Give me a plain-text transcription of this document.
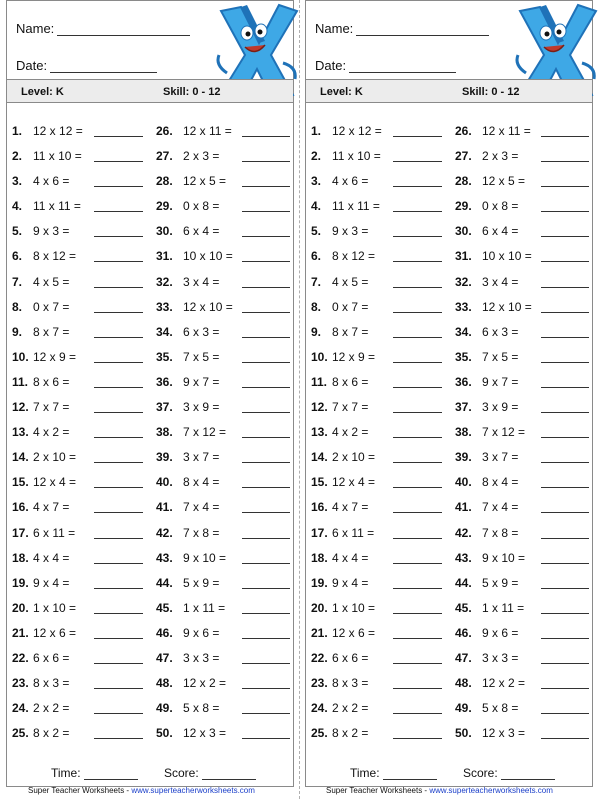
Name:
Date:
Level: K	Skill: 0 - 12
1. 12 x 12 =
2. 11 x 10 =
3. 4 x 6 =
4. 11 x 11 =
5. 9 x 3 =
6. 8 x 12 =
7. 4 x 5 =
8. 0 x 7 =
9. 8 x 7 =
10. 12 x 9 =
11. 8 x 6 =
12. 7 x 7 =
13. 4 x 2 =
14. 2 x 10 =
15. 12 x 4 =
16. 4 x 7 =
17. 6 x 11 =
18. 4 x 4 =
19. 9 x 4 =
20. 1 x 10 =
21. 12 x 6 =
22. 6 x 6 =
23. 8 x 3 =
24. 2 x 2 =
25. 8 x 2 =
26. 12 x 11 =
27. 2 x 3 =
28. 12 x 5 =
29. 0 x 8 =
30. 6 x 4 =
31. 10 x 10 =
32. 3 x 4 =
33. 12 x 10 =
34. 6 x 3 =
35. 7 x 5 =
36. 9 x 7 =
37. 3 x 9 =
38. 7 x 12 =
39. 3 x 7 =
40. 8 x 4 =
41. 7 x 4 =
42. 7 x 8 =
43. 9 x 10 =
44. 5 x 9 =
45. 1 x 11 =
46. 9 x 6 =
47. 3 x 3 =
48. 12 x 2 =
49. 5 x 8 =
50. 12 x 3 =
Time:	Score:
Name:
Date:
Level: K	Skill: 0 - 12
1. 12 x 12 =
2. 11 x 10 =
3. 4 x 6 =
4. 11 x 11 =
5. 9 x 3 =
6. 8 x 12 =
7. 4 x 5 =
8. 0 x 7 =
9. 8 x 7 =
10. 12 x 9 =
11. 8 x 6 =
12. 7 x 7 =
13. 4 x 2 =
14. 2 x 10 =
15. 12 x 4 =
16. 4 x 7 =
17. 6 x 11 =
18. 4 x 4 =
19. 9 x 4 =
20. 1 x 10 =
21. 12 x 6 =
22. 6 x 6 =
23. 8 x 3 =
24. 2 x 2 =
25. 8 x 2 =
26. 12 x 11 =
27. 2 x 3 =
28. 12 x 5 =
29. 0 x 8 =
30. 6 x 4 =
31. 10 x 10 =
32. 3 x 4 =
33. 12 x 10 =
34. 6 x 3 =
35. 7 x 5 =
36. 9 x 7 =
37. 3 x 9 =
38. 7 x 12 =
39. 3 x 7 =
40. 8 x 4 =
41. 7 x 4 =
42. 7 x 8 =
43. 9 x 10 =
44. 5 x 9 =
45. 1 x 11 =
46. 9 x 6 =
47. 3 x 3 =
48. 12 x 2 =
49. 5 x 8 =
50. 12 x 3 =
Time:	Score:
Super Teacher Worksheets - www.superteacherworksheets.com	Super Teacher Worksheets - www.superteacherworksheets.com
